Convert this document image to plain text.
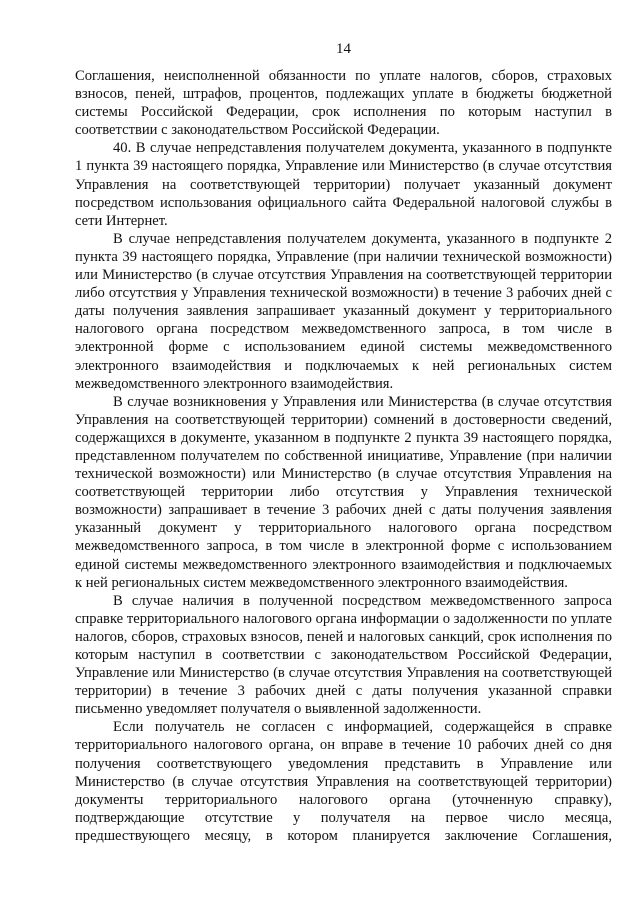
14

Соглашения, неисполненной обязанности по уплате налогов, сборов, страховых взносов, пеней, штрафов, процентов, подлежащих уплате в бюджеты бюджетной системы Российской Федерации, срок исполнения по которым наступил в соответствии с законодательством Российской Федерации.

40. В случае непредставления получателем документа, указанного в подпункте 1 пункта 39 настоящего порядка, Управление или Министерство (в случае отсутствия Управления на соответствующей территории) получает указанный документ посредством использования официального сайта Федеральной налоговой службы в сети Интернет.

В случае непредставления получателем документа, указанного в подпункте 2 пункта 39 настоящего порядка, Управление (при наличии технической возможности) или Министерство (в случае отсутствия Управления на соответствующей территории либо отсутствия у Управления технической возможности) в течение 3 рабочих дней с даты получения заявления запрашивает указанный документ у территориального налогового органа посредством межведомственного запроса, в том числе в электронной форме с использованием единой системы межведомственного электронного взаимодействия и подключаемых к ней региональных систем межведомственного электронного взаимодействия.

В случае возникновения у Управления или Министерства (в случае отсутствия Управления на соответствующей территории) сомнений в достоверности сведений, содержащихся в документе, указанном в подпункте 2 пункта 39 настоящего порядка, представленном получателем по собственной инициативе, Управление (при наличии технической возможности) или Министерство (в случае отсутствия Управления на соответствующей территории либо отсутствия у Управления технической возможности) запрашивает в течение 3 рабочих дней с даты получения заявления указанный документ у территориального налогового органа посредством межведомственного запроса, в том числе в электронной форме с использованием единой системы межведомственного электронного взаимодействия и подключаемых к ней региональных систем межведомственного электронного взаимодействия.

В случае наличия в полученной посредством межведомственного запроса справке территориального налогового органа информации о задолженности по уплате налогов, сборов, страховых взносов, пеней и налоговых санкций, срок исполнения по которым наступил в соответствии с законодательством Российской Федерации, Управление или Министерство (в случае отсутствия Управления на соответствующей территории) в течение 3 рабочих дней с даты получения указанной справки письменно уведомляет получателя о выявленной задолженности.

Если получатель не согласен с информацией, содержащейся в справке территориального налогового органа, он вправе в течение 10 рабочих дней со дня получения соответствующего уведомления представить в Управление или Министерство (в случае отсутствия Управления на соответствующей территории) документы территориального налогового органа (уточненную справку), подтверждающие отсутствие у получателя на первое число месяца, предшествующего месяцу, в котором планируется заключение Соглашения,
